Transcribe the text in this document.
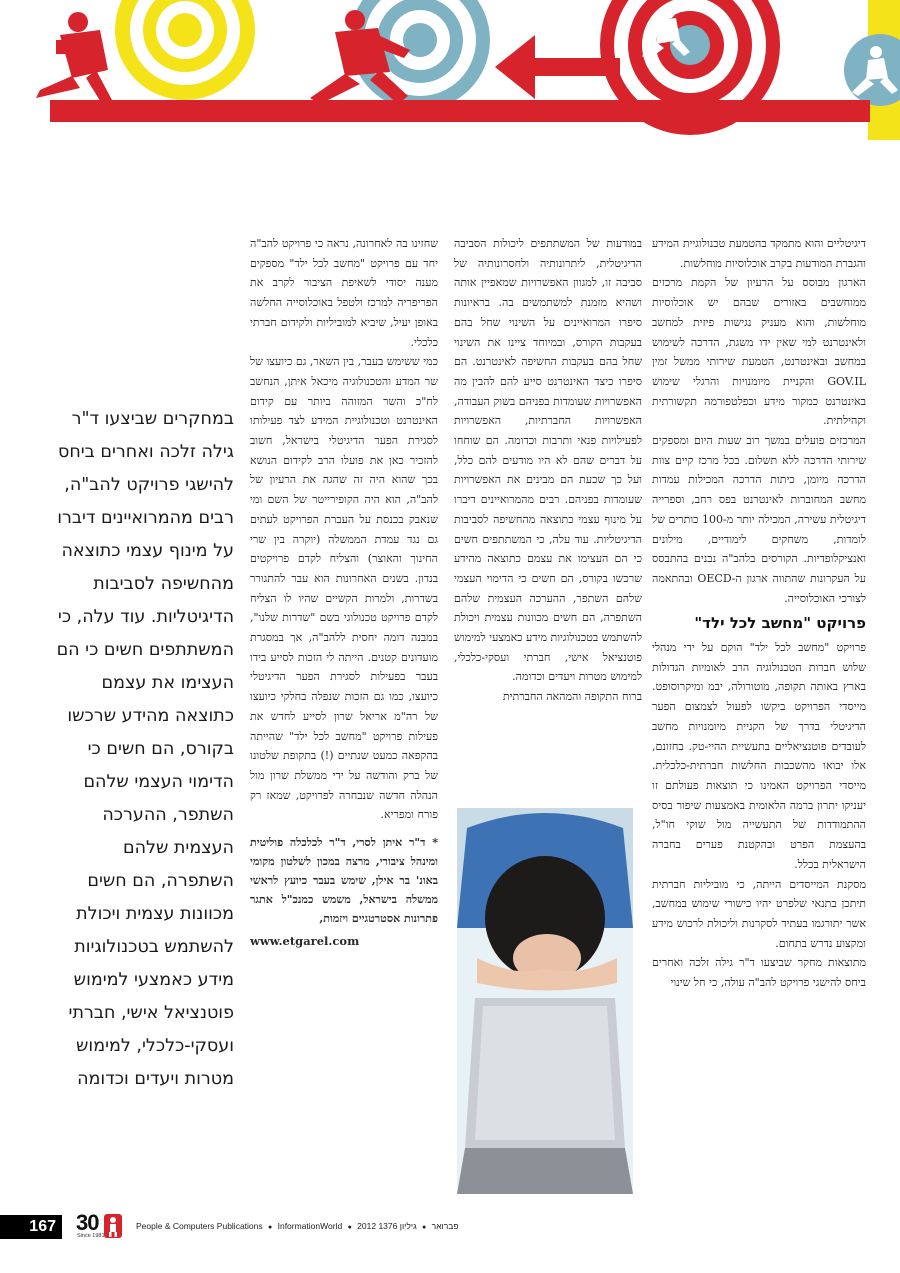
דיגיטליים והוא מתמקד בהטמעת טכנולוגיית המידע והגברת המודעות בקרב אוכלוסיות מוחלשות.

הארגון מבוסס על הרעיון של הקמת מרכזים ממוחשבים באזורים שבהם יש אוכלוסיות מוחלשות, והוא מעניק נגישות פיזית למחשב ולאינטרנט למי שאין ידו משגת, הדרכה לשימוש במחשב ובאינטרנט, הטמעת שירותי ממשל זמין GOV.IL והקניית מיומנויות והרגלי שימוש באינטרנט כמקור מידע וכפלטפורמה תקשורתית וקהילתית.

המרכזים פועלים במשך רוב שעות היום ומספקים שירותי הדרכה ללא תשלום. בכל מרכז קיים צוות הדרכה מיומן, כיתות הדרכה המכילות עמדות מחשב המחוברות לאינטרנט בפס רחב, וספרייה דיגיטלית עשירה, המכילה יותר מ-100 כותרים של לומדות, משחקים לימודיים, מילונים ואנציקלופדיות. הקורסים בלהב"ה נבנים בהתבסס על העקרונות שהתווה ארגון ה-OECD ובהתאמה לצורכי האוכלוסייה.

פרויקט "מחשב לכל ילד"

פרויקט "מחשב לכל ילד" הוקם על ידי מנהלי שלוש חברות הטכנולוגיה הרב לאומיות הגדולות בארץ באותה תקופה, מוטורולה, יבמ ומיקרוסופט. מייסדי הפרויקט ביקשו לפעול לצמצום הפער הדיגיטלי בדרך של הקניית מיומנויות מחשב לעובדים פוטנציאליים בתעשיית ההיי-טק. בחזונם, אלו יבואו מהשכבות החלשות חברתית-כלכלית. מייסדי הפרויקט האמינו כי תוצאות פעולתם זו יעניקו יתרון ברמה הלאומית באמצעות שיפור בסיס ההתמודדות של התעשייה מול שוקי חו"ל, בהעצמת הפרט ובהקטנת פערים בחברה הישראלית בכלל.

מסקנת המייסדים הייתה, כי מוביליות חברתית תיתכן בתנאי שלפרט יהיו כישורי שימוש במחשב, אשר יתורגמו בעתיד לסקרנות וליכולת לרכוש מידע ומקצוע נדרש בתחום.

מתוצאות מחקר שביצעו ד"ר גילה זלכה ואחרים ביחס להישגי פרויקט להב"ה עולה, כי חל שינוי

במודעות של המשתתפים ליכולות הסביבה הדיגיטלית, ליתרונותיה ולחסרונותיה של סביבה זו, למגוון האפשרויות שמאפיין אותה ושהיא מזמנת למשתמשים בה. בראיונות סיפרו המרואיינים על השינוי שחל בהם בעקבות הקורס, ובמיוחד ציינו את השינוי שחל בהם בעקבות החשיפה לאינטרנט. הם סיפרו כיצד האינטרנט סייע להם להבין מה האפשרויות שעומדות בפניהם בשוק העבודה, האפשרויות החברתיות, האפשרויות לפעילויות פנאי ותרבות וכדומה. הם שוחחו על דברים שהם לא היו מודעים להם כלל, ועל כך שכעת הם מבינים את האפשרויות שעומדות בפניהם. רבים מהמרואיינים דיברו על מינוף עצמי כתוצאה מהחשיפה לסביבות הדיגיטליות. עוד עלה, כי המשתתפים חשים כי הם העצימו את עצמם כתוצאה מהידע שרכשו בקורס, הם חשים כי הדימוי העצמי שלהם השתפר, ההערכה העצמית שלהם השתפרה, הם חשים מכוונות עצמית ויכולת להשתמש בטכנולוגיות מידע כאמצעי למימוש פוטנציאל אישי, חברתי ועסקי-כלכלי, למימוש מטרות ויעדים וכדומה.

ברוח התקופה והמהאה החברתית

שחזינו בה לאחרונה, נראה כי פרויקט להב"ה יחד עם פרויקט "מחשב לכל ילד" מספקים מענה יסודי לשאיפת הציבור לקרב את הפריפריה למרכז ולטפל באוכלוסייה החלשה באופן יעיל, שיביא למוביליות ולקידום חברתי כלכלי.

כמי ששימש בעבר, בין השאר, גם כיועצו של שר המדע והטכנולוגיה מיכאל איתן, הנחשב לח"כ והשר המזוהה ביותר עם קידום האינטרנט וטכנולוגיית המידע לצד פעילותו לסגירת הפער הדיגיטלי בישראל, חשוב להזכיר כאן את פועלו הרב לקידום הנושא בכך שהוא היה זה שהגה את הרעיון של להב"ה, הוא היה הקופירייטר של השם ומי שנאבק בכנסת על העברת הפרויקט לעתים גם נגד עמדת הממשלה (יוקרה בין שרי החינוך והאוצר) והצליח לקדם פרויקטים בנדון. בשנים האחרונות הוא עבר להתגורר בשדרות, ולמרות הקשיים שהיו לו הצליח לקדם פרויקט טכנולוגי בשם "שדרות שלנו", במבנה דומה יחסית ללהב"ה, אך במסגרת מועדונים קטנים. הייתה לי הזכות לסייע בידו בעבר בפעילות לסגירת הפער הדיגיטלי כיועצו, כמו גם הזכות שנפלה בחלקי כיועצו של רה"מ אריאל שרון לסייע לחדש את פעילות פרויקט "מחשב לכל ילד" שהייתה בהקפאה כמעט שנתיים (!) בתקופת שלטונו של ברק והודשה על ידי ממשלת שרון מול הנהלה חדשה שנבחרה לפרויקט, שמאז רק פורח ומפריא.

* ד"ר איתן לסרי, ד"ר לכלכלה פוליטית ומינהל ציבורי, מרצה במכון לשלטון מקומי באונ' בר אילן, שימש בעבר כיועץ לראשי ממשלה בישראל, משמש כמנכ"ל אתגר פתרונות אסטרטגיים ויזמות,

www.etgarel.com

במחקרים שביצעו ד"ר גילה זלכה ואחרים ביחס להישגי פרויקט להב"ה, רבים מהמרואיינים דיברו על מינוף עצמי כתוצאה מהחשיפה לסביבות הדיגיטליות. עוד עלה, כי המשתתפים חשים כי הם העצימו את עצמם כתוצאה מהידע שרכשו בקורס, הם חשים כי הדימוי העצמי שלהם השתפר, ההערכה העצמית שלהם השתפרה, הם חשים מכוונות עצמית ויכולת להשתמש בטכנולוגיות מידע כאמצעי למימוש פוטנציאל אישי, חברתי ועסקי-כלכלי, למימוש מטרות ויעדים וכדומה
167 30
Since 1981
People & Computers Publications ● InformationWorld ● 2012 פברואר ● גיליון 1376
